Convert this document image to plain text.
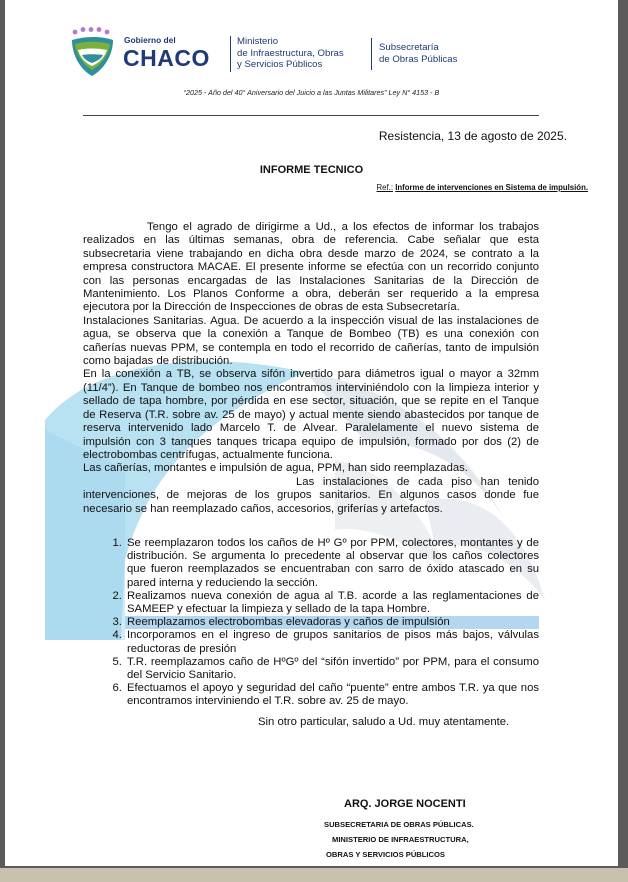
Gobierno del
CHACO
Ministerio
de Infraestructura, Obras
y Servicios Públicos
Subsecretaría
de Obras Públicas
“2025 - Año del 40° Aniversario del Juicio a las Juntas Militares” Ley N° 4153 - B
Resistencia, 13 de agosto de 2025.
INFORME TECNICO
Ref.: Informe de intervenciones en Sistema de impulsión.

Tengo el agrado de dirigirme a Ud., a los efectos de informar los trabajos realizados en las últimas semanas, obra de referencia. Cabe señalar que esta subsecretaria viene trabajando en dicha obra desde marzo de 2024, se contrato a la empresa constructora MACAE. El presente informe se efectúa con un recorrido conjunto con las personas encargadas de las Instalaciones Sanitarias de la Dirección de Mantenimiento. Los Planos Conforme a obra, deberán ser requerido a la empresa ejecutora por la Dirección de Inspecciones de obras de esta Subsecretaría.

Instalaciones Sanitarias. Agua. De acuerdo a la inspección visual de las instalaciones de agua, se observa que la conexión a Tanque de Bombeo (TB) es una conexión con cañerías nuevas PPM, se contempla en todo el recorrido de cañerías, tanto de impulsión como bajadas de distribución.

En la conexión a TB, se observa sifón invertido para diámetros igual o mayor a 32mm (11/4”). En Tanque de bombeo nos encontramos interviniéndolo con la limpieza interior y sellado de tapa hombre, por pérdida en ese sector, situación, que se repite en el Tanque de Reserva (T.R. sobre av. 25 de mayo) y actual mente siendo abastecidos por tanque de reserva intervenido lado Marcelo T. de Alvear. Paralelamente el nuevo sistema de impulsión con 3 tanques tanques tricapa equipo de impulsión, formado por dos (2) de electrobombas centrífugas, actualmente funciona.

Las cañerías, montantes e impulsión de agua, PPM, han sido reemplazadas.

Las instalaciones de cada piso han tenido intervenciones, de mejoras de los grupos sanitarios. En algunos casos donde fue necesario se han reemplazado caños, accesorios, griferías y artefactos.

1. Se reemplazaron todos los caños de Hº Gº por PPM, colectores, montantes y de distribución. Se argumenta lo precedente al observar que los caños colectores que fueron reemplazados se encuentraban con sarro de óxido atascado en su pared interna y reduciendo la sección.
2. Realizamos nueva conexión de agua al T.B. acorde a las reglamentaciones de SAMEEP y efectuar la limpieza y sellado de la tapa Hombre.
3. Reemplazamos electrobombas elevadoras y caños de impulsión
4. Incorporamos en el ingreso de grupos sanitarios de pisos más bajos, válvulas reductoras de presión
5. T.R. reemplazamos caño de HºGº del “sifón invertido” por PPM, para el consumo del Servicio Sanitario.
6. Efectuamos el apoyo y seguridad del caño “puente” entre ambos T.R. ya que nos encontramos interviniendo el T.R. sobre av. 25 de mayo.
Sin otro particular, saludo a Ud. muy atentamente.
ARQ. JORGE NOCENTI
SUBSECRETARIA DE OBRAS PÚBLICAS.
MINISTERIO DE INFRAESTRUCTURA,
OBRAS Y SERVICIOS PÚBLICOS
